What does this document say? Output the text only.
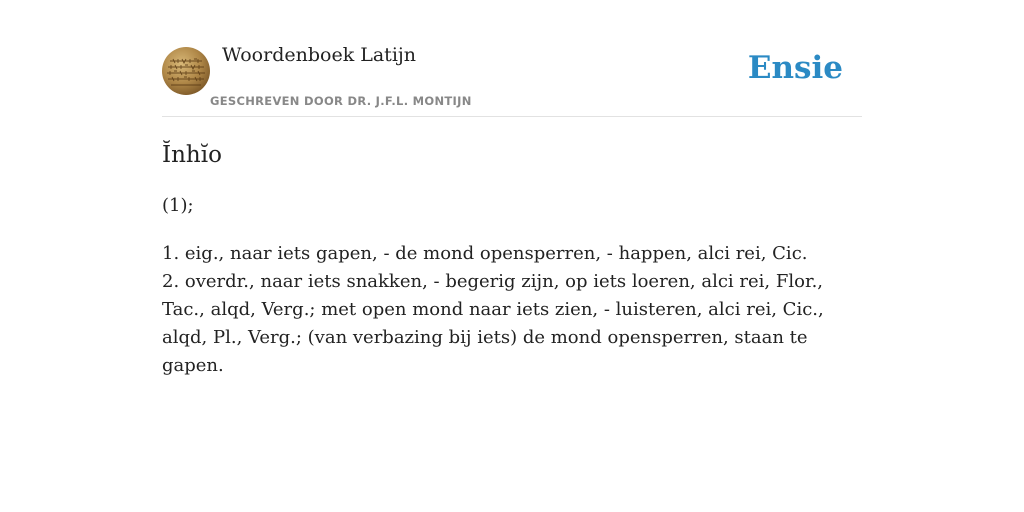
Woordenboek Latijn
GESCHREVEN DOOR DR. J.F.L. MONTIJN
Ensie
Ĭnhĭo

(1);

1. eig., naar iets gapen, - de mond opensperren, - happen, alci rei, Cic.

2. overdr., naar iets snakken, - begerig zijn, op iets loeren, alci rei, Flor., Tac., alqd, Verg.; met open mond naar iets zien, - luisteren, alci rei, Cic., alqd, Pl., Verg.; (van verbazing bij iets) de mond opensperren, staan te gapen.
